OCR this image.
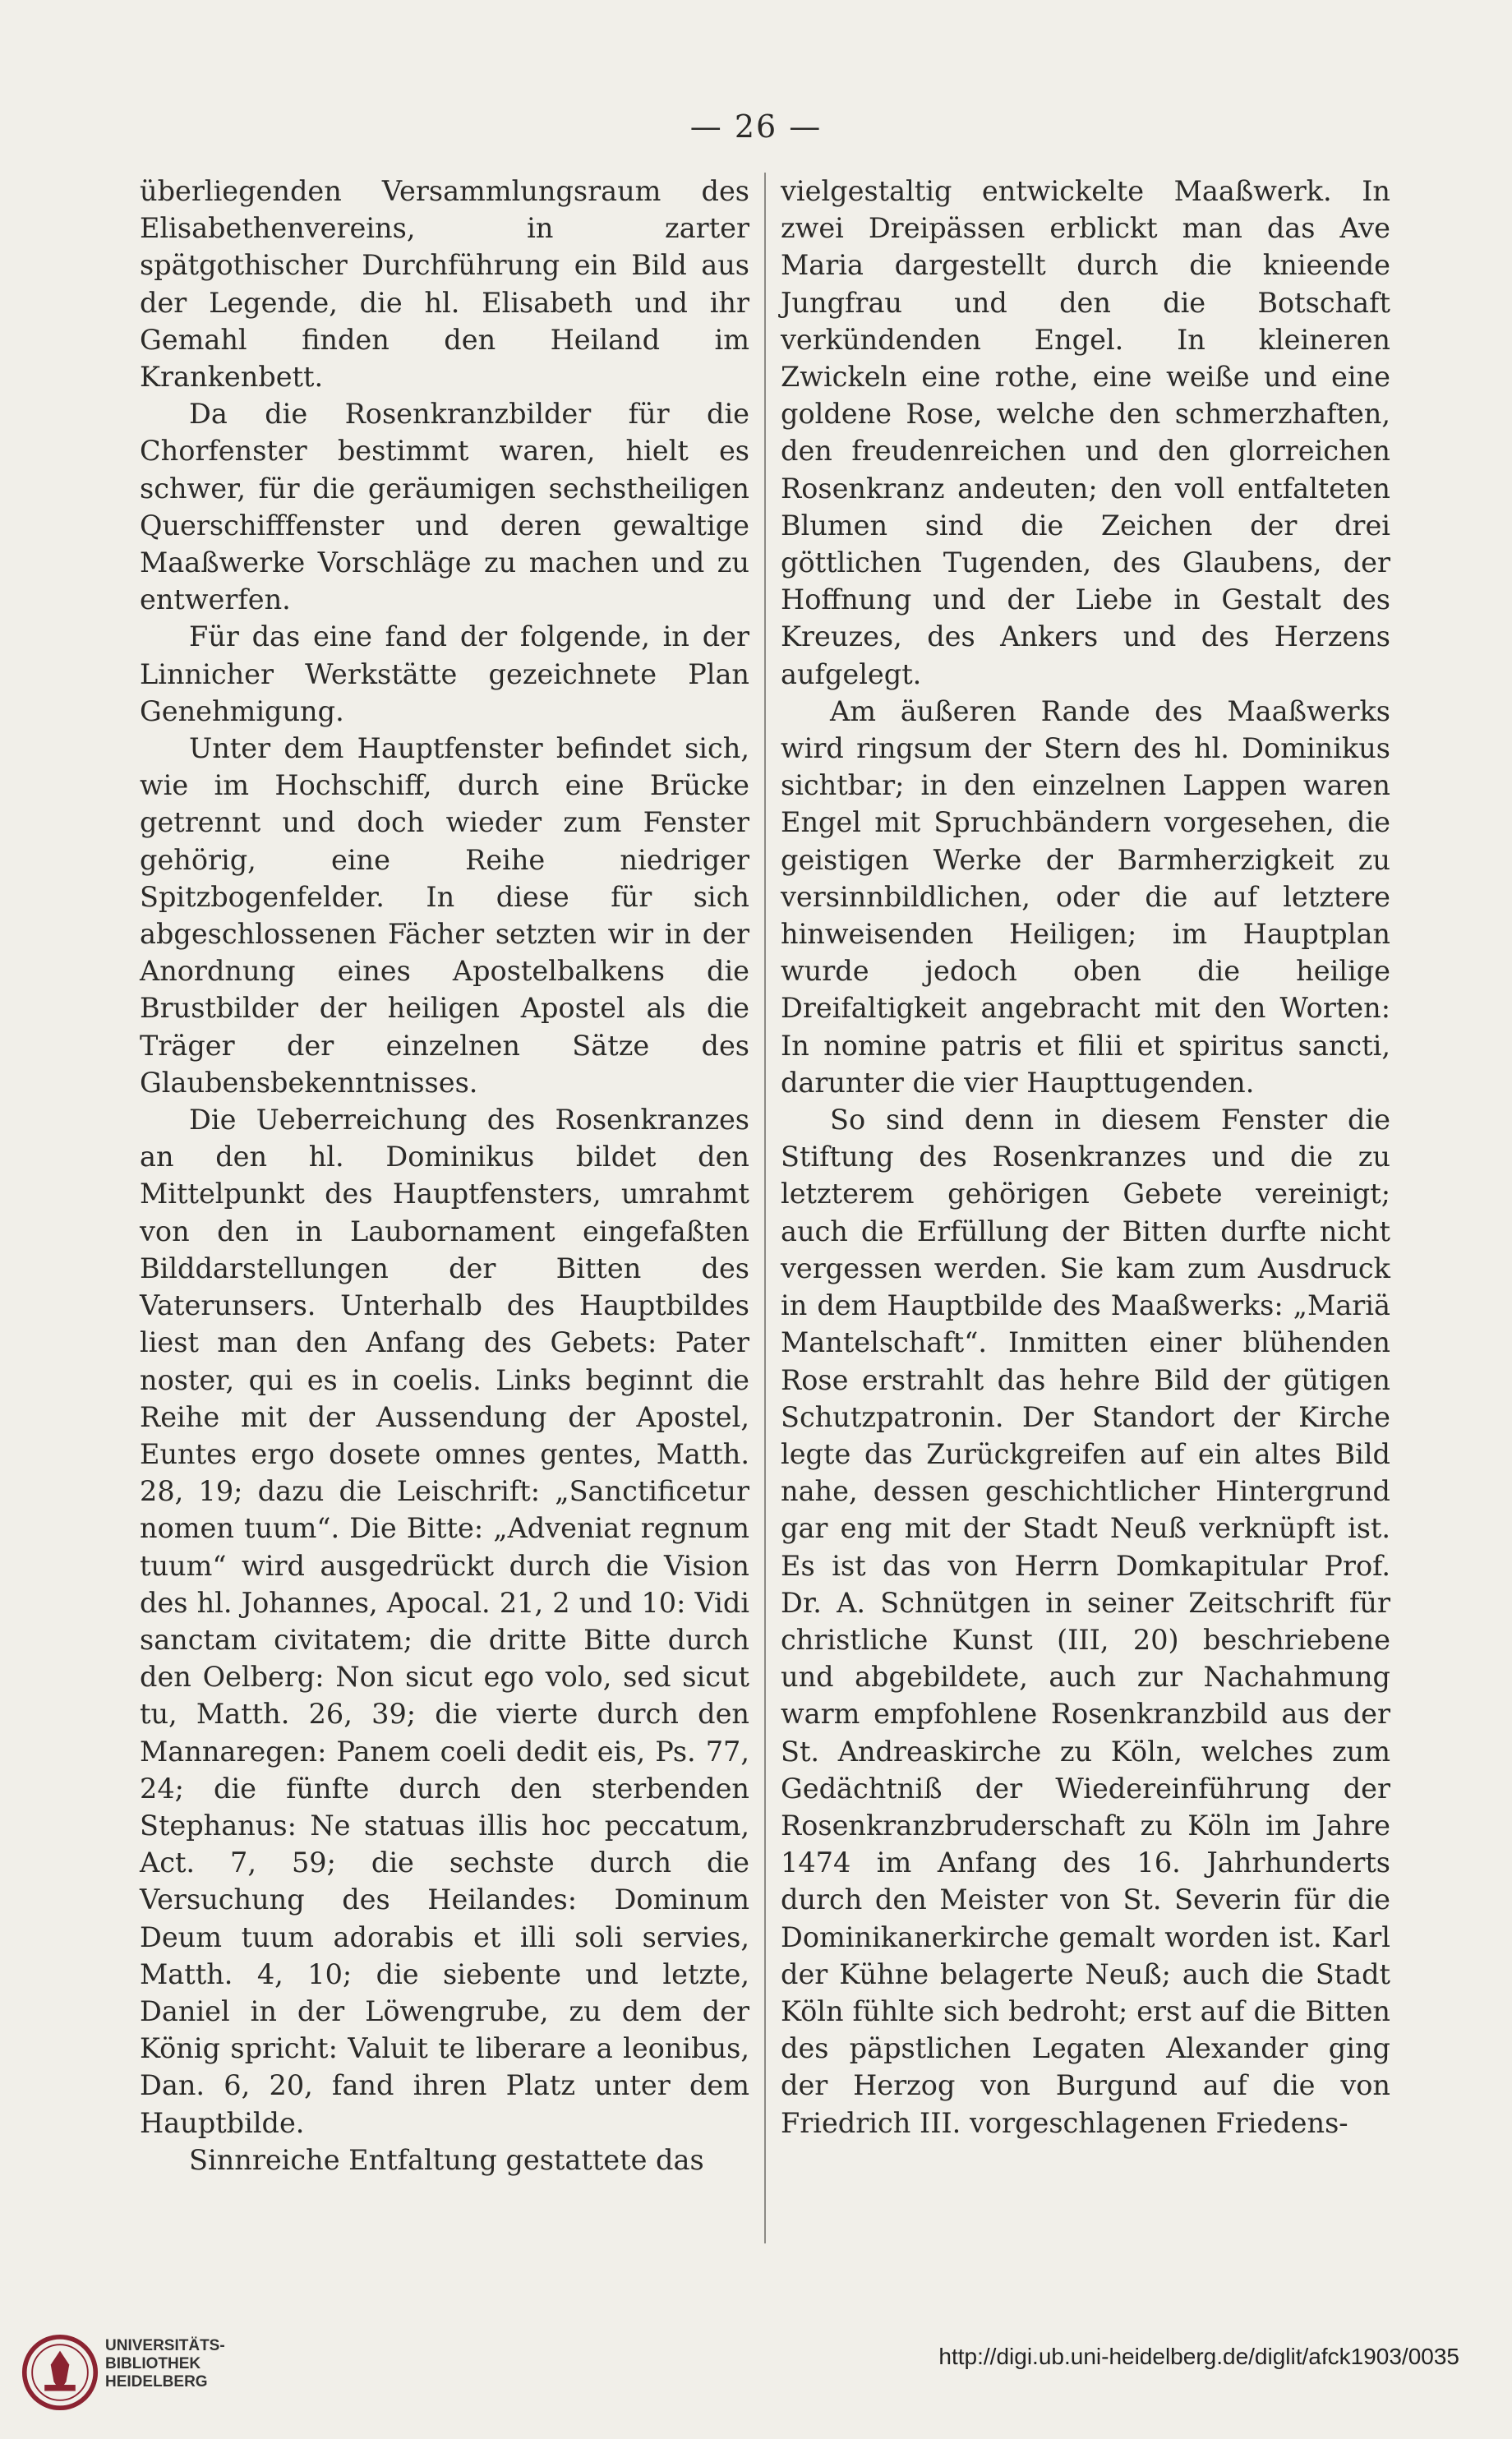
— 26 —

überliegenden Versammlungsraum des Elisabethenvereins, in zarter spätgothischer Durchführung ein Bild aus der Legende, die hl. Elisabeth und ihr Gemahl finden den Heiland im Krankenbett.

Da die Rosenkranzbilder für die Chorfenster bestimmt waren, hielt es schwer, für die geräumigen sechstheiligen Querschifffenster und deren gewaltige Maaßwerke Vorschläge zu machen und zu entwerfen.

Für das eine fand der folgende, in der Linnicher Werkstätte gezeichnete Plan Genehmigung.

Unter dem Hauptfenster befindet sich, wie im Hochschiff, durch eine Brücke getrennt und doch wieder zum Fenster gehörig, eine Reihe niedriger Spitzbogenfelder. In diese für sich abgeschlossenen Fächer setzten wir in der Anordnung eines Apostelbalkens die Brustbilder der heiligen Apostel als die Träger der einzelnen Sätze des Glaubensbekenntnisses.

Die Ueberreichung des Rosenkranzes an den hl. Dominikus bildet den Mittelpunkt des Hauptfensters, umrahmt von den in Laubornament eingefaßten Bilddarstellungen der Bitten des Vaterunsers. Unterhalb des Hauptbildes liest man den Anfang des Gebets: Pater noster, qui es in coelis. Links beginnt die Reihe mit der Aussendung der Apostel, Euntes ergo dosete omnes gentes, Matth. 28, 19; dazu die Leischrift: „Sanctificetur nomen tuum“. Die Bitte: „Adveniat regnum tuum“ wird ausgedrückt durch die Vision des hl. Johannes, Apocal. 21, 2 und 10: Vidi sanctam civitatem; die dritte Bitte durch den Oelberg: Non sicut ego volo, sed sicut tu, Matth. 26, 39; die vierte durch den Mannaregen: Panem coeli dedit eis, Ps. 77, 24; die fünfte durch den sterbenden Stephanus: Ne statuas illis hoc peccatum, Act. 7, 59; die sechste durch die Versuchung des Heilandes: Dominum Deum tuum adorabis et illi soli servies, Matth. 4, 10; die siebente und letzte, Daniel in der Löwengrube, zu dem der König spricht: Valuit te liberare a leonibus, Dan. 6, 20, fand ihren Platz unter dem Hauptbilde.

Sinnreiche Entfaltung gestattete das

vielgestaltig entwickelte Maaßwerk. In zwei Dreipässen erblickt man das Ave Maria dargestellt durch die knieende Jungfrau und den die Botschaft verkündenden Engel. In kleineren Zwickeln eine rothe, eine weiße und eine goldene Rose, welche den schmerzhaften, den freudenreichen und den glorreichen Rosenkranz andeuten; den voll entfalteten Blumen sind die Zeichen der drei göttlichen Tugenden, des Glaubens, der Hoffnung und der Liebe in Gestalt des Kreuzes, des Ankers und des Herzens aufgelegt.

Am äußeren Rande des Maaßwerks wird ringsum der Stern des hl. Dominikus sichtbar; in den einzelnen Lappen waren Engel mit Spruchbändern vorgesehen, die geistigen Werke der Barmherzigkeit zu versinnbildlichen, oder die auf letztere hinweisenden Heiligen; im Hauptplan wurde jedoch oben die heilige Dreifaltigkeit angebracht mit den Worten: In nomine patris et filii et spiritus sancti, darunter die vier Haupttugenden.

So sind denn in diesem Fenster die Stiftung des Rosenkranzes und die zu letzterem gehörigen Gebete vereinigt; auch die Erfüllung der Bitten durfte nicht vergessen werden. Sie kam zum Ausdruck in dem Hauptbilde des Maaßwerks: „Mariä Mantelschaft“. Inmitten einer blühenden Rose erstrahlt das hehre Bild der gütigen Schutzpatronin. Der Standort der Kirche legte das Zurückgreifen auf ein altes Bild nahe, dessen geschichtlicher Hintergrund gar eng mit der Stadt Neuß verknüpft ist. Es ist das von Herrn Domkapitular Prof. Dr. A. Schnütgen in seiner Zeitschrift für christliche Kunst (III, 20) beschriebene und abgebildete, auch zur Nachahmung warm empfohlene Rosenkranzbild aus der St. Andreaskirche zu Köln, welches zum Gedächtniß der Wiedereinführung der Rosenkranzbruderschaft zu Köln im Jahre 1474 im Anfang des 16. Jahrhunderts durch den Meister von St. Severin für die Dominikanerkirche gemalt worden ist. Karl der Kühne belagerte Neuß; auch die Stadt Köln fühlte sich bedroht; erst auf die Bitten des päpstlichen Legaten Alexander ging der Herzog von Burgund auf die von Friedrich III. vorgeschlagenen Friedens-

UNIVERSITÄTS-
BIBLIOTHEK
HEIDELBERG
http://digi.ub.uni-heidelberg.de/diglit/afck1903/0035
